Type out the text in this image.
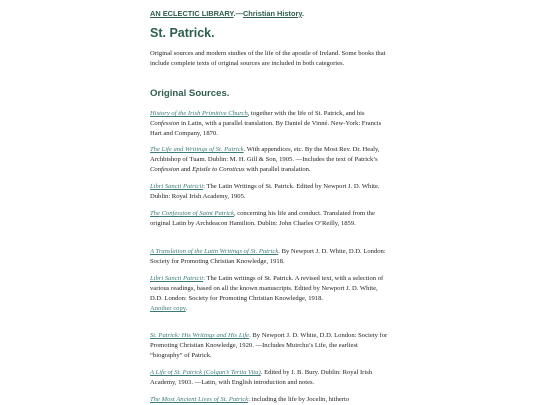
AN ECLECTIC LIBRARY.—Christian History.
St. Patrick.

Original sources and modern studies of the life of the apostle of Ireland. Some books that include complete texts of original sources are included in both categories.

Original Sources.

History of the Irish Primitive Church, together with the life of St. Patrick, and his Confession in Latin, with a parallel translation. By Daniel de Vinné. New-York: Francis Hart and Company, 1870.

The Life and Writings of St. Patrick. With appendices, etc. By the Most Rev. Dr. Healy, Archbishop of Tuam. Dublin: M. H. Gill & Son, 1905. —Includes the text of Patrick’s Confession and Epistle to Coroticus with parallel translation.

Libri Sancti Patricii: The Latin Writings of St. Patrick. Edited by Newport J. D. White. Dublin: Royal Irish Academy, 1905.

The Confession of Saint Patrick, concerning his life and conduct. Translated from the original Latin by Archdeacon Hamilton. Dublin: John Charles O’Reilly, 1859.

A Translation of the Latin Writings of St. Patrick. By Newport J. D. White, D.D. London: Society for Promoting Christian Knowledge, 1918.

Libri Sancti Patricii: The Latin writings of St. Patrick. A revised text, with a selection of various readings, based on all the known manuscripts. Edited by Newport J. D. White, D.D. London: Society for Promoting Christian Knowledge, 1918.
Another copy.

St. Patrick: His Writings and His Life. By Newport J. D. White, D.D. London: Society for Promoting Christian Knowledge, 1920. —Includes Muirchu’s Life, the earliest “biography” of Patrick.

A Life of St. Patrick (Colgan’s Tertia Vita). Edited by J. B. Bury. Dublin: Royal Irish Academy, 1903. —Latin, with English introduction and notes.

The Most Ancient Lives of St. Patrick: including the life by Jocelin, hitherto
